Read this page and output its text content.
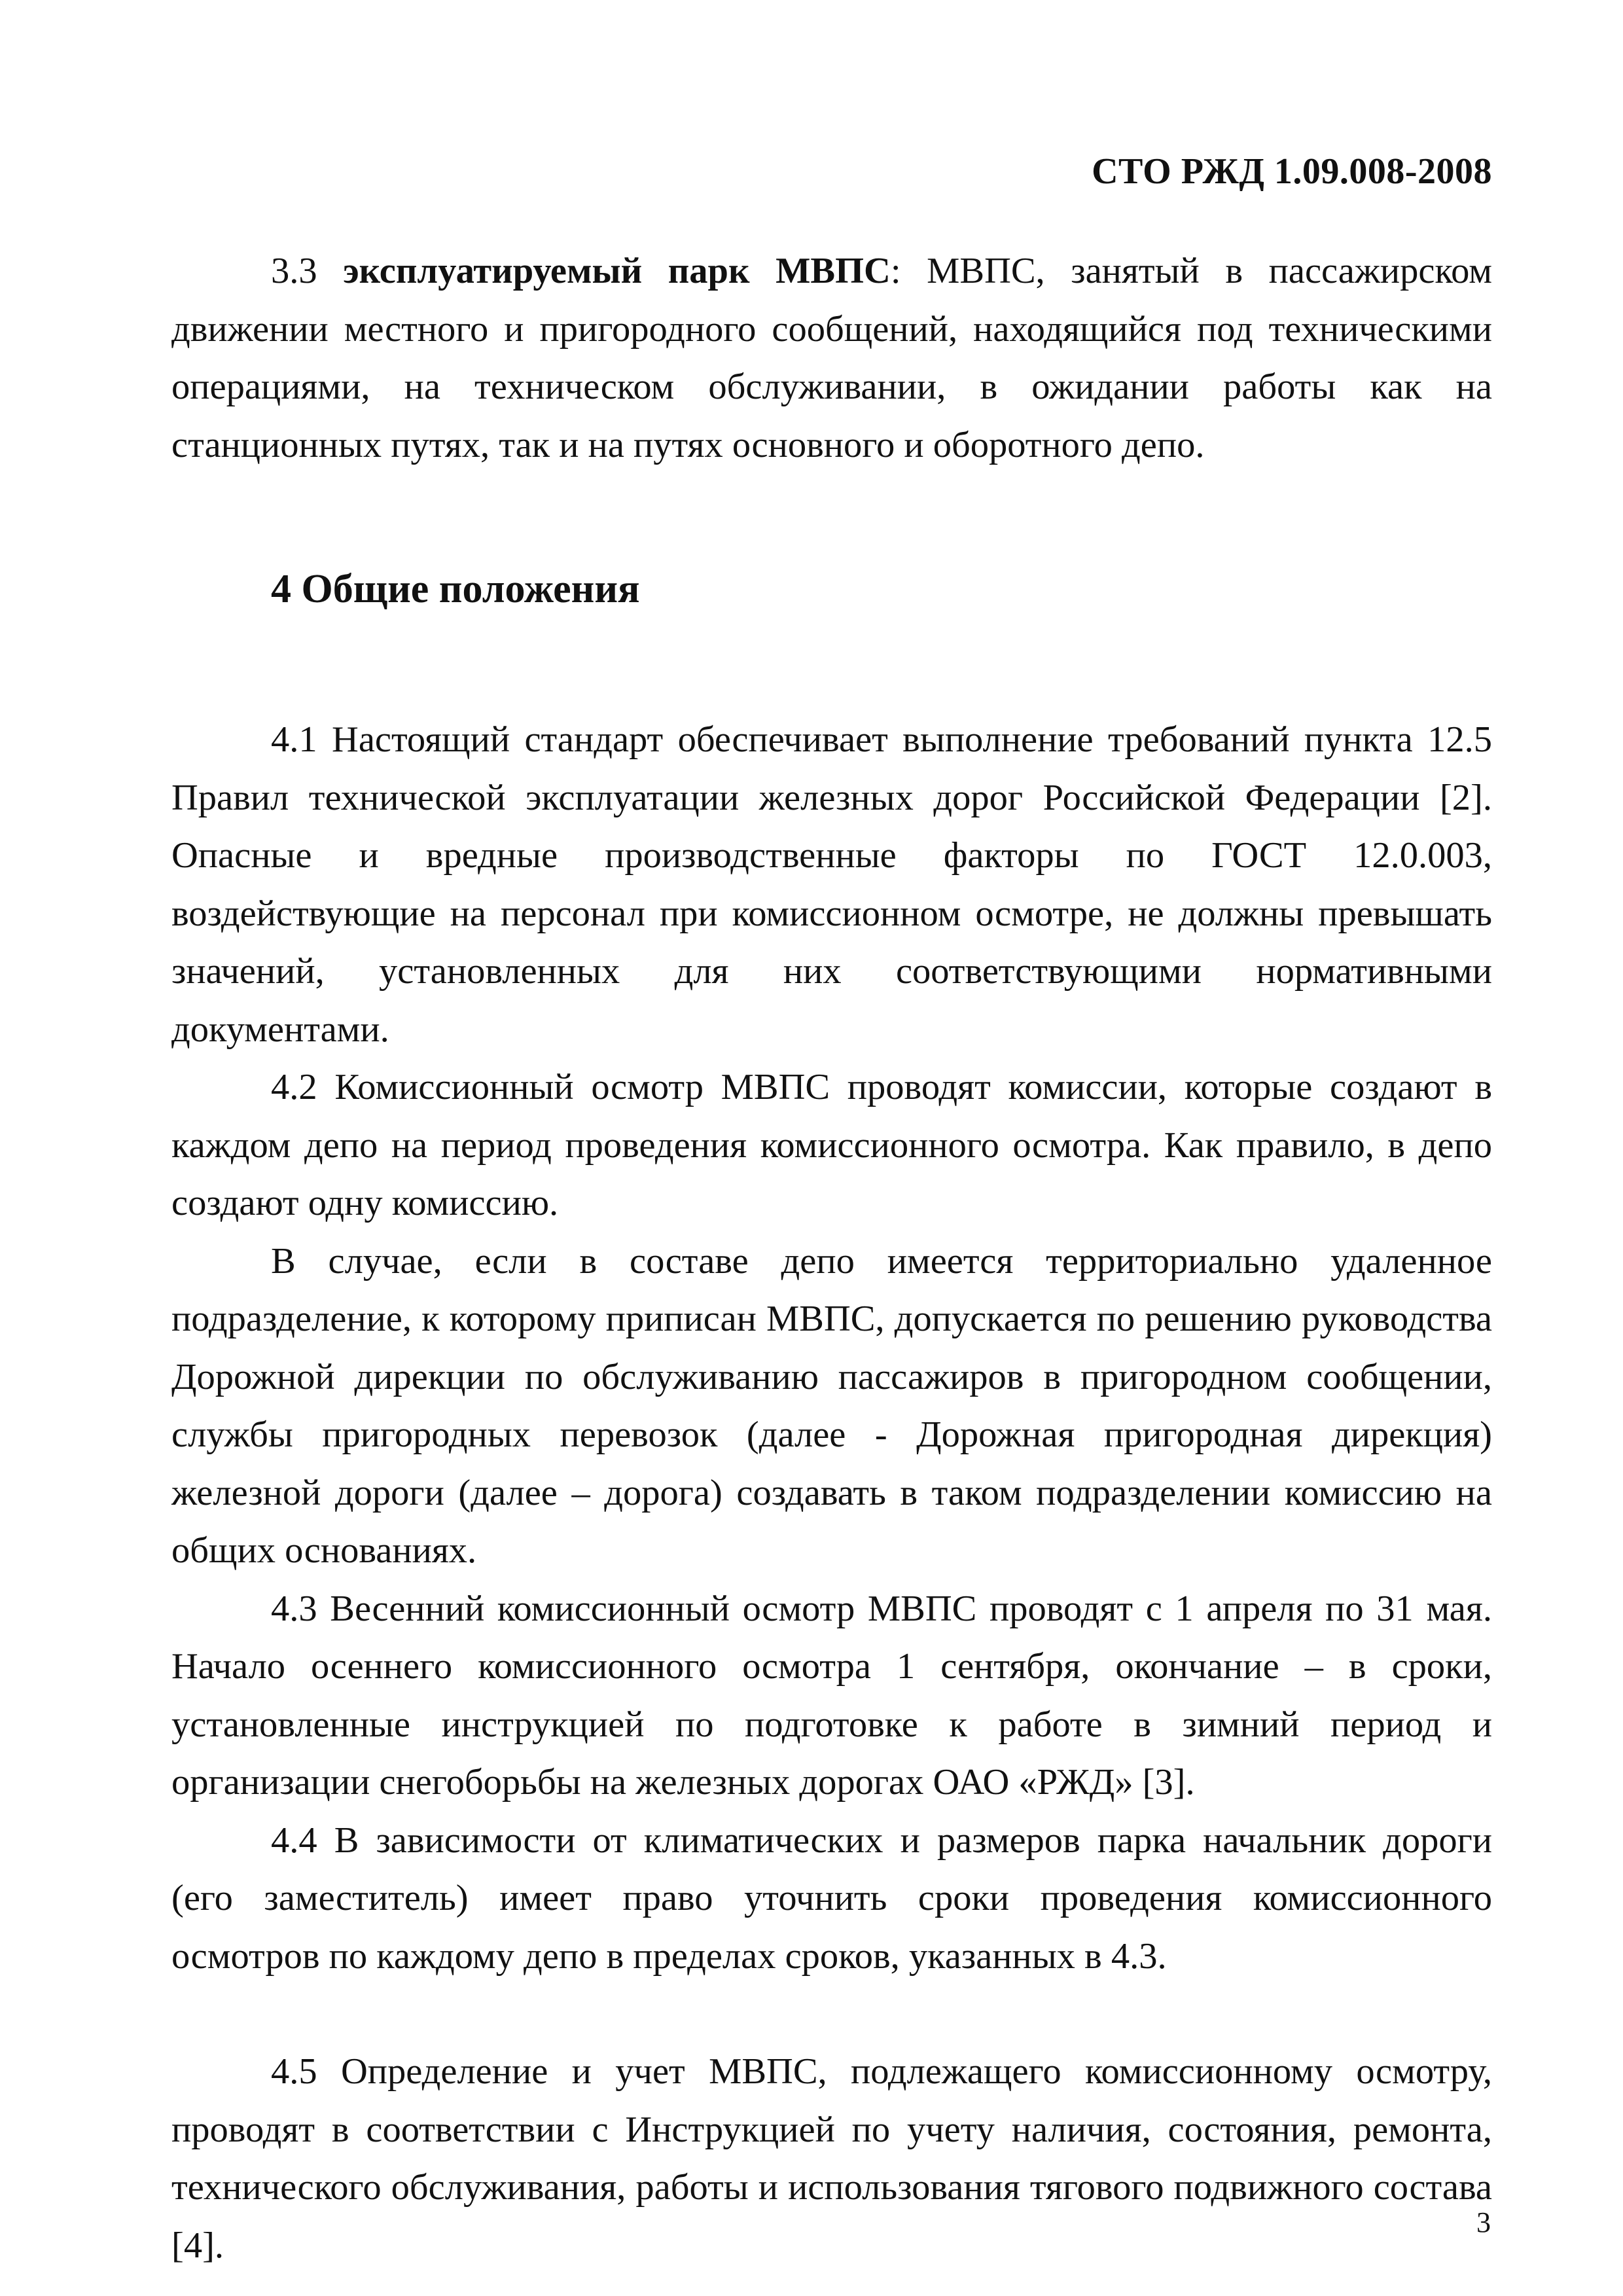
СТО РЖД 1.09.008-2008

3.3 эксплуатируемый парк МВПС: МВПС, занятый в пассажирском движении местного и пригородного сообщений, находящийся под техническими операциями, на техническом обслуживании, в ожидании работы как на станционных путях, так и на путях основного и оборотного депо.

4 Общие положения

4.1 Настоящий стандарт обеспечивает выполнение требований пункта 12.5 Правил технической эксплуатации железных дорог Российской Федерации [2]. Опасные и вредные производственные факторы по ГОСТ 12.0.003, воздействующие на персонал при комиссионном осмотре, не должны превышать значений, установленных для них соответствующими нормативными документами.

4.2 Комиссионный осмотр МВПС проводят комиссии, которые создают в каждом депо на период проведения комиссионного осмотра. Как правило, в депо создают одну комиссию.

В случае, если в составе депо имеется территориально удаленное подразделение, к которому приписан МВПС, допускается по решению руководства Дорожной дирекции по обслуживанию пассажиров в пригородном сообщении, службы пригородных перевозок (далее - Дорожная пригородная дирекция) железной дороги (далее – дорога) создавать в таком подразделении комиссию на общих основаниях.

4.3 Весенний комиссионный осмотр МВПС проводят с 1 апреля по 31 мая. Начало осеннего комиссионного осмотра 1 сентября, окончание – в сроки, установленные инструкцией по подготовке к работе в зимний период и организации снегоборьбы на железных дорогах ОАО «РЖД» [3].

4.4 В зависимости от климатических и размеров парка начальник дороги (его заместитель) имеет право уточнить сроки проведения комиссионного осмотров по каждому депо в пределах сроков, указанных в 4.3.

4.5 Определение и учет МВПС, подлежащего комиссионному осмотру, проводят в соответствии с Инструкцией по учету наличия, состояния, ремонта, технического обслуживания, работы и использования тягового подвижного состава [4].

3
